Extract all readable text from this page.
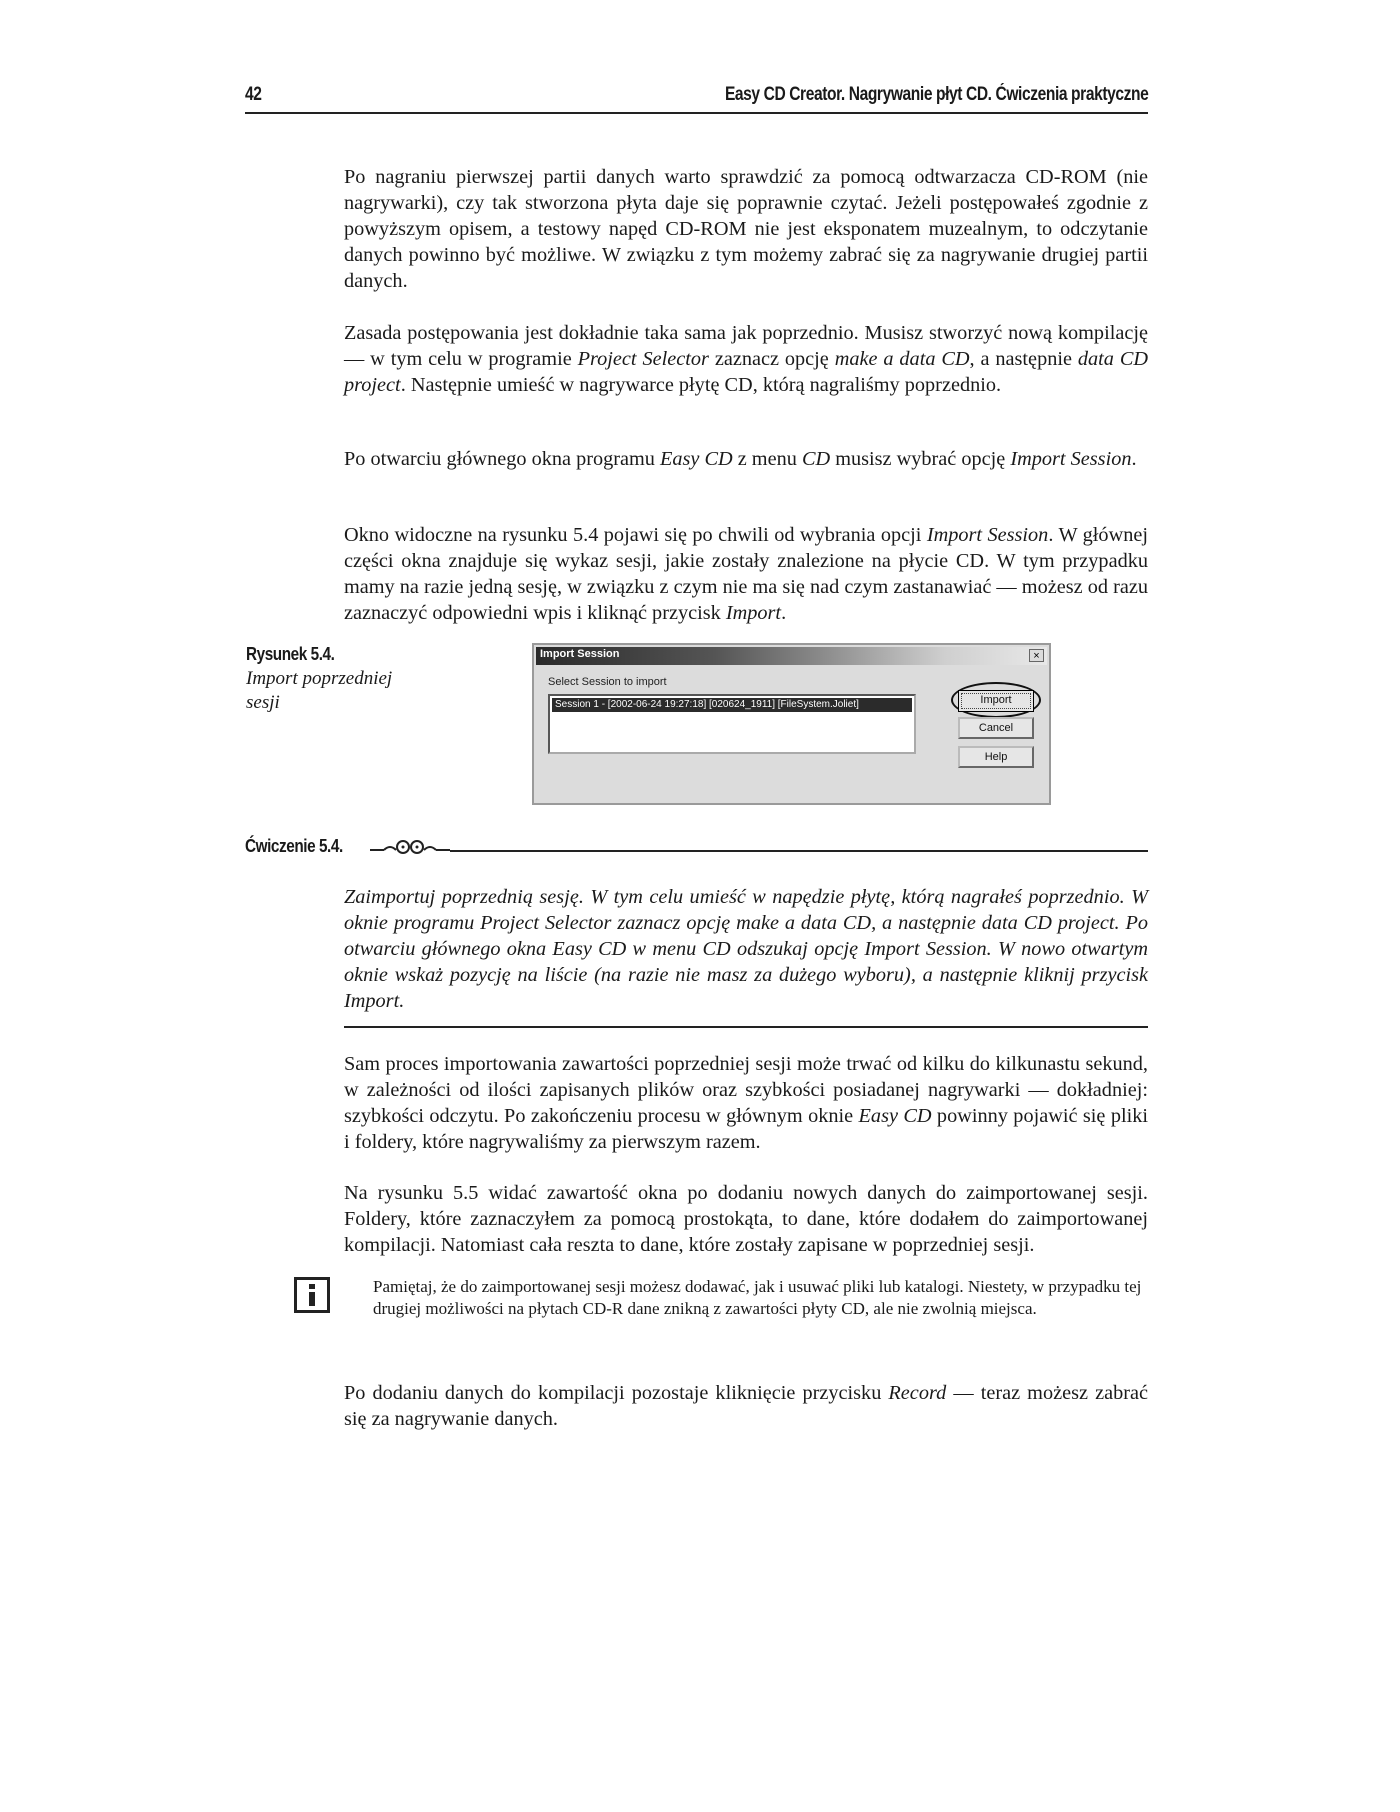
42	Easy CD Creator. Nagrywanie płyt CD. Ćwiczenia praktyczne

Po nagraniu pierwszej partii danych warto sprawdzić za pomocą odtwarzacza CD-ROM (nie nagrywarki), czy tak stworzona płyta daje się poprawnie czytać. Jeżeli postępowałeś zgodnie z powyższym opisem, a testowy napęd CD-ROM nie jest eksponatem muzealnym, to odczytanie danych powinno być możliwe. W związku z tym możemy zabrać się za nagrywanie drugiej partii danych.

Zasada postępowania jest dokładnie taka sama jak poprzednio. Musisz stworzyć nową kompilację — w tym celu w programie Project Selector zaznacz opcję make a data CD, a następnie data CD project. Następnie umieść w nagrywarce płytę CD, którą nagraliśmy poprzednio.

Po otwarciu głównego okna programu Easy CD z menu CD musisz wybrać opcję Import Session.

Okno widoczne na rysunku 5.4 pojawi się po chwili od wybrania opcji Import Session. W głównej części okna znajduje się wykaz sesji, jakie zostały znalezione na płycie CD. W tym przypadku mamy na razie jedną sesję, w związku z czym nie ma się nad czym zastanawiać — możesz od razu zaznaczyć odpowiedni wpis i kliknąć przycisk Import.

Rysunek 5.4.
Import poprzedniej sesji
Import Session	×
Select Session to import
Session 1 - [2002-06-24 19:27:18] [020624_1911] [FileSystem.Joliet]	Import
Cancel
Help
Ćwiczenie 5.4.

Zaimportuj poprzednią sesję. W tym celu umieść w napędzie płytę, którą nagrałeś poprzednio. W oknie programu Project Selector zaznacz opcję make a data CD, a następnie data CD project. Po otwarciu głównego okna Easy CD w menu CD odszukaj opcję Import Session. W nowo otwartym oknie wskaż pozycję na liście (na razie nie masz za dużego wyboru), a następnie kliknij przycisk Import.

Sam proces importowania zawartości poprzedniej sesji może trwać od kilku do kilkunastu sekund, w zależności od ilości zapisanych plików oraz szybkości posiadanej nagrywarki — dokładniej: szybkości odczytu. Po zakończeniu procesu w głównym oknie Easy CD powinny pojawić się pliki i foldery, które nagrywaliśmy za pierwszym razem.

Na rysunku 5.5 widać zawartość okna po dodaniu nowych danych do zaimportowanej sesji. Foldery, które zaznaczyłem za pomocą prostokąta, to dane, które dodałem do zaimportowanej kompilacji. Natomiast cała reszta to dane, które zostały zapisane w poprzedniej sesji.

Pamiętaj, że do zaimportowanej sesji możesz dodawać, jak i usuwać pliki lub katalogi. Niestety, w przypadku tej drugiej możliwości na płytach CD-R dane znikną z zawartości płyty CD, ale nie zwolnią miejsca.

Po dodaniu danych do kompilacji pozostaje kliknięcie przycisku Record — teraz możesz zabrać się za nagrywanie danych.
